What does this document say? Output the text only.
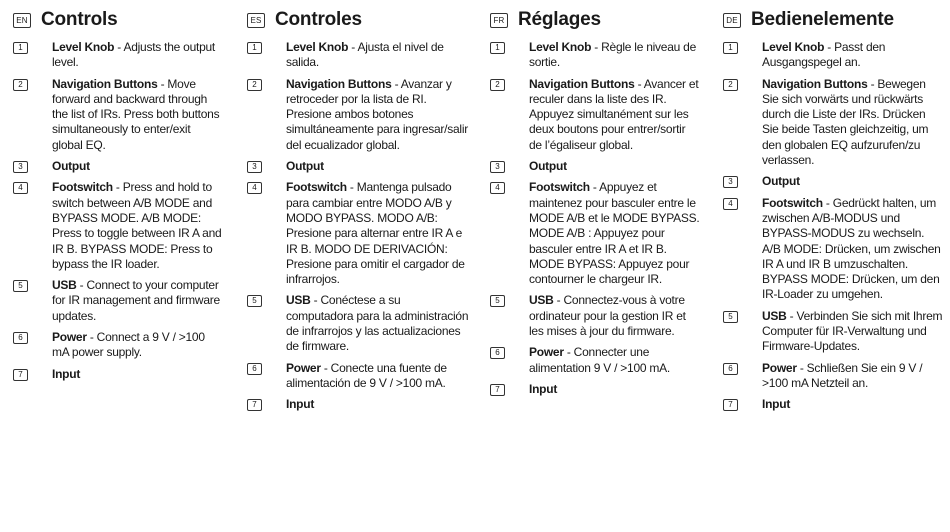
EN Controls
1	Level Knob - Adjusts the output level.
2	Navigation Buttons - Move forward and backward through the list of IRs. Press both buttons simultaneously to enter/exit global EQ.
3	Output
4	Footswitch - Press and hold to switch between A/B MODE and BYPASS MODE. A/B MODE: Press to toggle between IR A and IR B. BYPASS MODE: Press to bypass the IR loader.
5	USB - Connect to your computer for IR management and firmware updates.
6	Power - Connect a 9 V / >100 mA power supply.
7	Input
ES Controles
1	Level Knob - Ajusta el nivel de salida.
2	Navigation Buttons - Avanzar y retroceder por la lista de RI. Presione ambos botones simultáneamente para ingresar/salir del ecualizador global.
3	Output
4	Footswitch - Mantenga pulsado para cambiar entre MODO A/B y MODO BYPASS. MODO A/B: Presione para alternar entre IR A e IR B. MODO DE DERIVACIÓN: Presione para omitir el cargador de infrarrojos.
5	USB - Conéctese a su computadora para la administración de infrarrojos y las actualizaciones de firmware.
6	Power - Conecte una fuente de alimentación de 9 V / >100 mA.
7	Input
FR Réglages
1	Level Knob - Règle le niveau de sortie.
2	Navigation Buttons - Avancer et reculer dans la liste des IR. Appuyez simultanément sur les deux boutons pour entrer/sortir de l’égaliseur global.
3	Output
4	Footswitch - Appuyez et maintenez pour basculer entre le MODE A/B et le MODE BYPASS. MODE A/B : Appuyez pour basculer entre IR A et IR B. MODE BYPASS: Appuyez pour contourner le chargeur IR.
5	USB - Connectez-vous à votre ordinateur pour la gestion IR et les mises à jour du firmware.
6	Power - Connecter une alimentation 9 V / >100 mA.
7	Input
DE Bedienelemente
1	Level Knob - Passt den Ausgangspegel an.
2	Navigation Buttons - Bewegen Sie sich vorwärts und rückwärts durch die Liste der IRs. Drücken Sie beide Tasten gleichzeitig, um den globalen EQ aufzurufen/zu verlassen.
3	Output
4	Footswitch - Gedrückt halten, um zwischen A/B-MODUS und BYPASS-MODUS zu wechseln. A/B MODE: Drücken, um zwischen IR A und IR B umzuschalten. BYPASS MODE: Drücken, um den IR-Loader zu umgehen.
5	USB - Verbinden Sie sich mit Ihrem Computer für IR-Verwaltung und Firmware-Updates.
6	Power - Schließen Sie ein 9 V / >100 mA Netzteil an.
7	Input
